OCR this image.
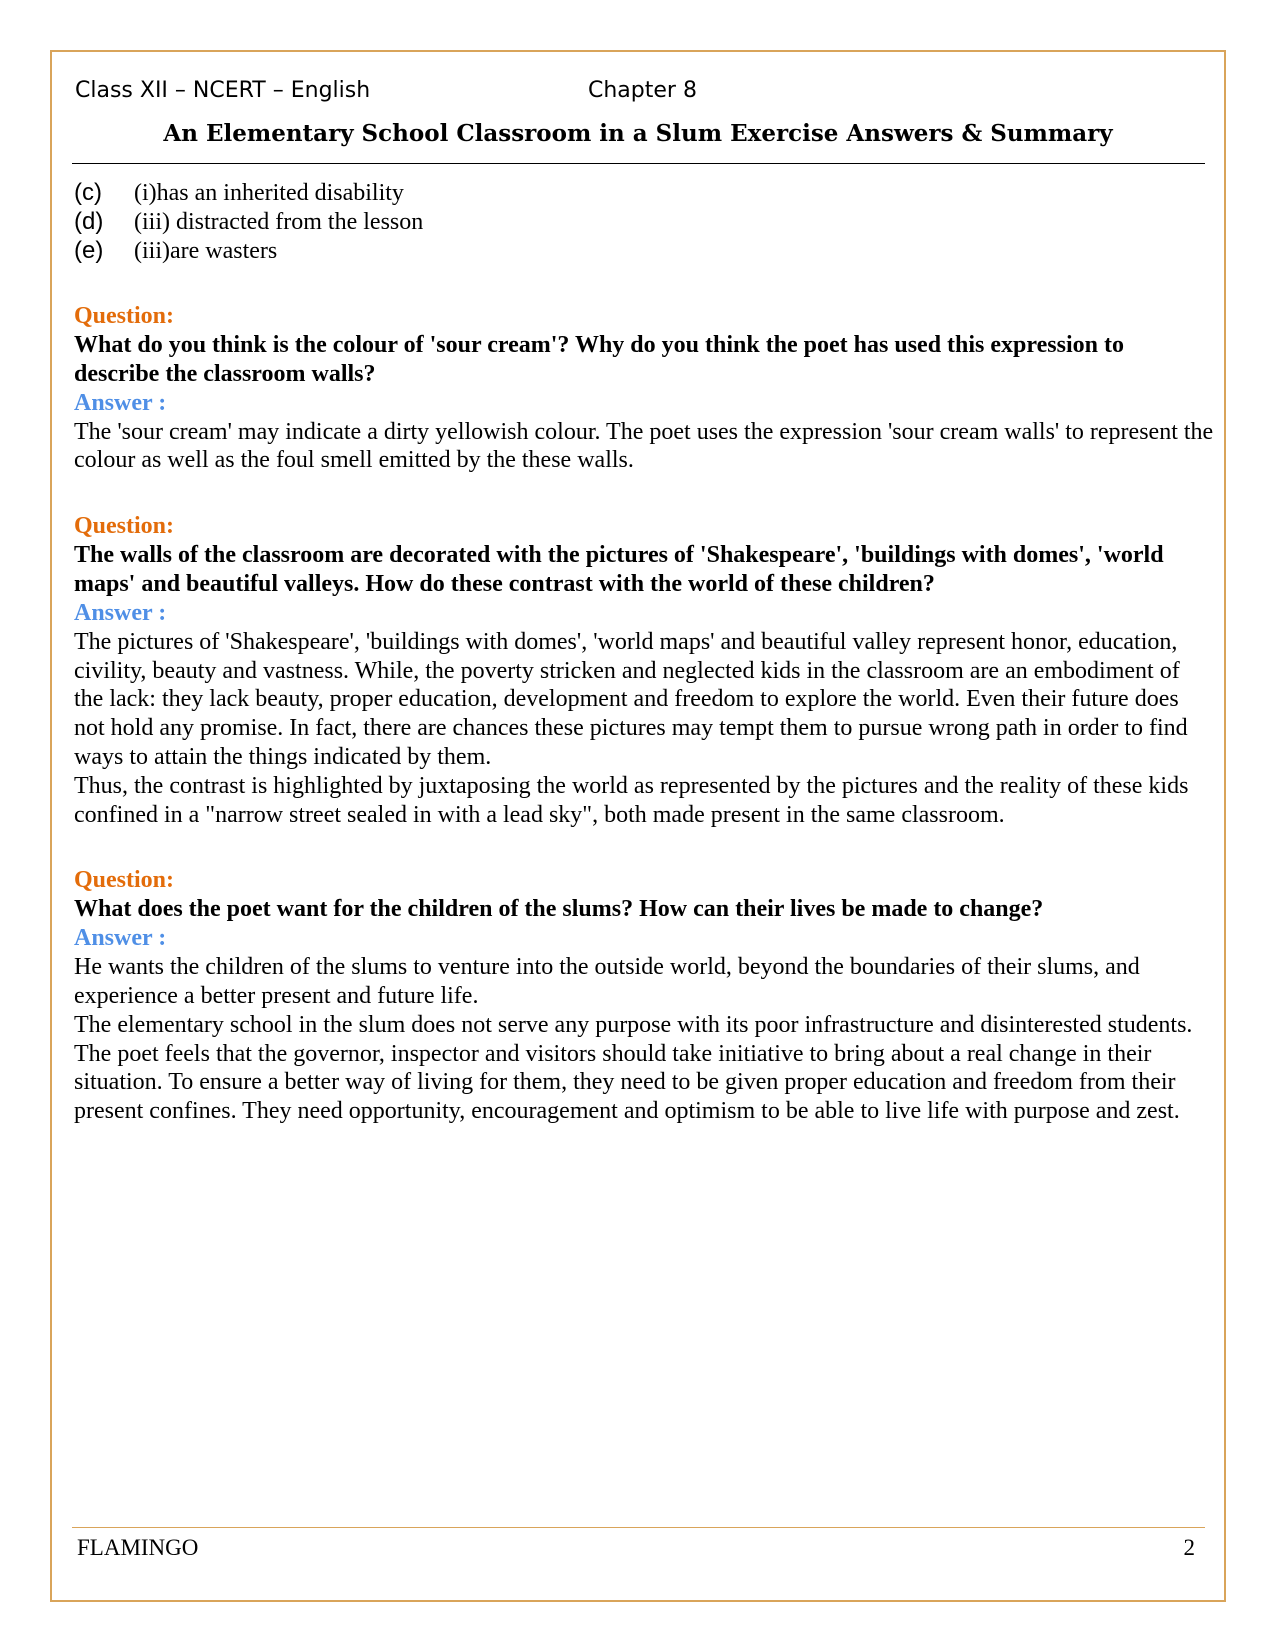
Class XII – NCERT – English	Chapter 8
An Elementary School Classroom in a Slum Exercise Answers & Summary
(c) (i)has an inherited disability
(d) (iii) distracted from the lesson
(e) (iii)are wasters
Question:
What do you think is the colour of 'sour cream'? Why do you think the poet has used this expression to describe the classroom walls?
Answer :

The 'sour cream' may indicate a dirty yellowish colour. The poet uses the expression 'sour cream walls' to represent the colour as well as the foul smell emitted by the these walls.

Question:
The walls of the classroom are decorated with the pictures of 'Shakespeare', 'buildings with domes', 'world maps' and beautiful valleys. How do these contrast with the world of these children?
Answer :

The pictures of 'Shakespeare', 'buildings with domes', 'world maps' and beautiful valley represent honor, education, civility, beauty and vastness. While, the poverty stricken and neglected kids in the classroom are an embodiment of the lack: they lack beauty, proper education, development and freedom to explore the world. Even their future does not hold any promise. In fact, there are chances these pictures may tempt them to pursue wrong path in order to find ways to attain the things indicated by them.

Thus, the contrast is highlighted by juxtaposing the world as represented by the pictures and the reality of these kids confined in a "narrow street sealed in with a lead sky", both made present in the same classroom.

Question:
What does the poet want for the children of the slums? How can their lives be made to change?
Answer :

He wants the children of the slums to venture into the outside world, beyond the boundaries of their slums, and experience a better present and future life.

The elementary school in the slum does not serve any purpose with its poor infrastructure and disinterested students. The poet feels that the governor, inspector and visitors should take initiative to bring about a real change in their situation. To ensure a better way of living for them, they need to be given proper education and freedom from their present confines. They need opportunity, encouragement and optimism to be able to live life with purpose and zest.

FLAMINGO	2
